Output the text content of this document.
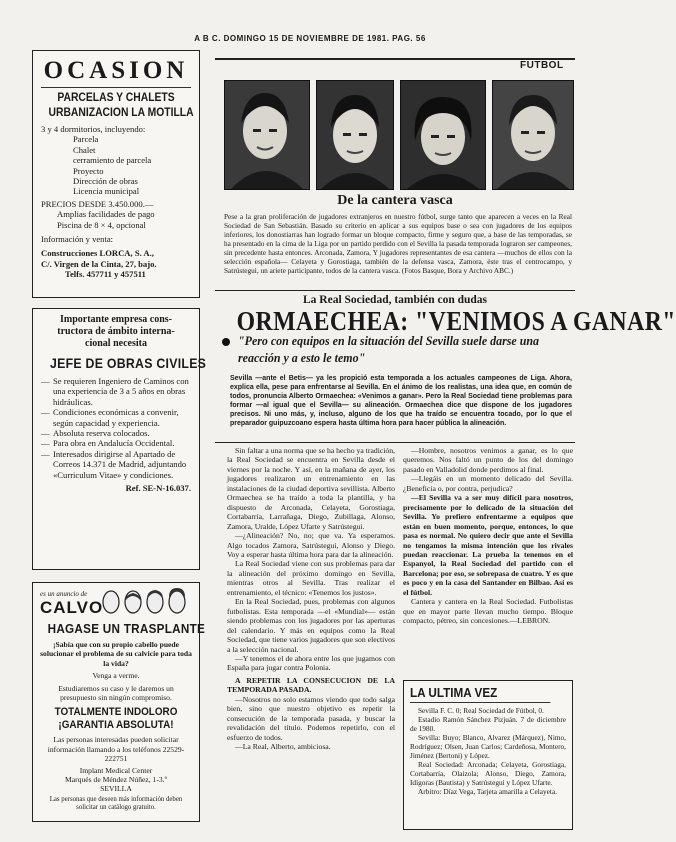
A B C. DOMINGO 15 DE NOVIEMBRE DE 1981. PAG. 56
OCASION
PARCELAS Y CHALETS
URBANIZACION LA MOTILLA
3 y 4 dormitorios, incluyendo:
Parcela
Chalet
cerramiento de parcela
Proyecto
Dirección de obras
Licencia municipal
PRECIOS DESDE 3.450.000.—
Amplias facilidades de pago
Piscina de 8 × 4, opcional
Información y venta:
Construcciones LORCA, S. A.,
C/. Virgen de la Cinta, 27, bajo.
Telfs. 457711 y 457511
Importante empresa cons-
tructora de ámbito interna-
cional necesita
JEFE DE OBRAS CIVILES
— Se requieren Ingeniero de Caminos con una experiencia de 3 a 5 años en obras hidráulicas.
— Condiciones económicas a convenir, según capacidad y experiencia.
— Absoluta reserva colocados.
— Para obra en Andalucía Occidental.
— Interesados dirigirse al Apartado de Correos 14.371 de Madrid, adjuntando «Curriculum Vitae» y condiciones.
Ref. SE-N-16.037.
es un anuncio de
CALVO
HAGASE UN TRASPLANTE
¡Sabía que con su propio cabello puede solucionar el problema de su calvicie para toda la vida?
Venga a verme.
Estudiaremos su caso y le daremos un presupuesto sin ningún compromiso.
TOTALMENTE INDOLORO
¡GARANTIA ABSOLUTA!
Las personas interesadas pueden solicitar información llamando a los teléfonos 22529-222751
Implant Medical Center
Marqués de Méndez Núñez, 1-3.º
SEVILLA
Las personas que deseen más información deben solicitar un catálogo gratuito.
FUTBOL
De la cantera vasca
Pese a la gran proliferación de jugadores extranjeros en nuestro fútbol, surge tanto que aparecen a veces en la Real Sociedad de San Sebastián. Basado su criterio en aplicar a sus equipos base o sea con jugadores de los equipos inferiores, los donostiarras han logrado formar un bloque compacto, firme y seguro que, a base de las temporadas, se ha presentado en la cima de la Liga por un partido perdido con el Sevilla la pasada temporada lograron ser campeones, sin precedente hasta entonces. Arconada, Zamora, Y jugadores representantes de esa cantera —muchos de ellos con la selección española— Celayeta y Gorostiaga, también de la defensa vasca, Zamora, éste tras el centrocampo, y Satrústegui, un ariete participante, todos de la cantera vasca. (Fotos Basque, Bora y Archivo ABC.)
La Real Sociedad, también con dudas
ORMAECHEA: "VENIMOS A GANAR"
"Pero con equipos en la situación del Sevilla suele darse una reacción y a esto le temo"
Sevilla —ante el Betis— ya les propició esta temporada a los actuales campeones de Liga. Ahora, explica ella, pese para enfrentarse al Sevilla. En el ánimo de los realistas, una idea que, en común de todos, pronuncia Alberto Ormaechea: «Venimos a ganar». Pero la Real Sociedad tiene problemas para formar —al igual que el Sevilla— su alineación. Ormaechea dice que dispone de los jugadores precisos. Ni uno más, y, incluso, alguno de los que ha traído se encuentra tocado, por lo que el preparador guipuzcoano espera hasta última hora para hacer pública la alineación.

Sin faltar a una norma que se ha hecho ya tradición, la Real Sociedad se encuentra en Sevilla desde el viernes por la noche. Y así, en la mañana de ayer, los jugadores realizaron un entrenamiento en las instalaciones de la ciudad deportiva sevillista. Alberto Ormaechea se ha traído a toda la plantilla, y ha dispuesto de Arconada, Celayeta, Gorostiaga, Cortabarría, Larrañaga, Diego, Zubillaga, Alonso, Zamora, Uralde, López Ufarte y Satrústegui.

—¿Alineación? No, no; que va. Ya esperamos. Algo tocados Zamora, Satrústegui, Alonso y Diego. Voy a esperar hasta última hora para dar la alineación.

La Real Sociedad viene con sus problemas para dar la alineación del próximo domingo en Sevilla, mientras otros al Sevilla. Tras realizar el entrenamiento, el técnico: «Tenemos los justos».

En la Real Sociedad, pues, problemas con algunos futbolistas. Esta temporada —el «Mundial»— están siendo problemas con los jugadores por las aperturas del calendario. Y más en equipos como la Real Sociedad, que tiene varios jugadores que son electivos a la selección nacional.

—Y tenemos el de ahora entre los que jugamos con España para jugar contra Polonia.

A REPETIR LA CONSECUCION DE LA TEMPORADA PASADA.

—Nosotros no solo estamos viendo que todo salga bien, sino que nuestro objetivo es repetir la consecución de la temporada pasada, y buscar la revalidación del título. Podemos repetirlo, con el esfuerzo de todos.

—La Real, Alberto, ambiciosa.

—Hombre, nosotros venimos a ganar, es lo que queremos. Nos faltó un punto de los del domingo pasado en Valladolid donde perdimos al final.

—Llegáis en un momento delicado del Sevilla. ¿Beneficia o, por contra, perjudica?

—El Sevilla va a ser muy difícil para nosotros, precisamente por lo delicado de la situación del Sevilla. Yo prefiero enfrentarme a equipos que están en buen momento, porque, entonces, lo que pasa es normal. No quiero decir que ante el Sevilla no tengamos la misma intención que los rivales puedan reaccionar. La prueba la tenemos en el Espanyol, la Real Sociedad del partido con el Barcelona; por eso, se sobrepasa de cuatro. Y es que es poco y en la casa del Santander en Bilbao. Así es el fútbol.

Cantera y cantera en la Real Sociedad. Futbolistas que en mayor parte llevan mucho tiempo. Bloque compacto, pétreo, sin concesiones.—LEBRON.

LA ULTIMA VEZ

Sevilla F. C. 0; Real Sociedad de Fútbol, 0.

Estadio Ramón Sánchez Pizjuán. 7 de diciembre de 1980.

Sevilla: Buyo; Blanco, Alvarez (Márquez), Nimo, Rodríguez; Olsen, Juan Carlos; Cardeñosa, Montero, Jiménez (Bertoni) y López.

Real Sociedad: Arconada; Celayeta, Gorostiaga, Cortabarría, Olaizola; Alonso, Diego, Zamora, Idígoras (Bautista) y Satrústegui y López Ufarte.

Arbitro: Díaz Vega, Tarjeta amarilla a Celayeta.
